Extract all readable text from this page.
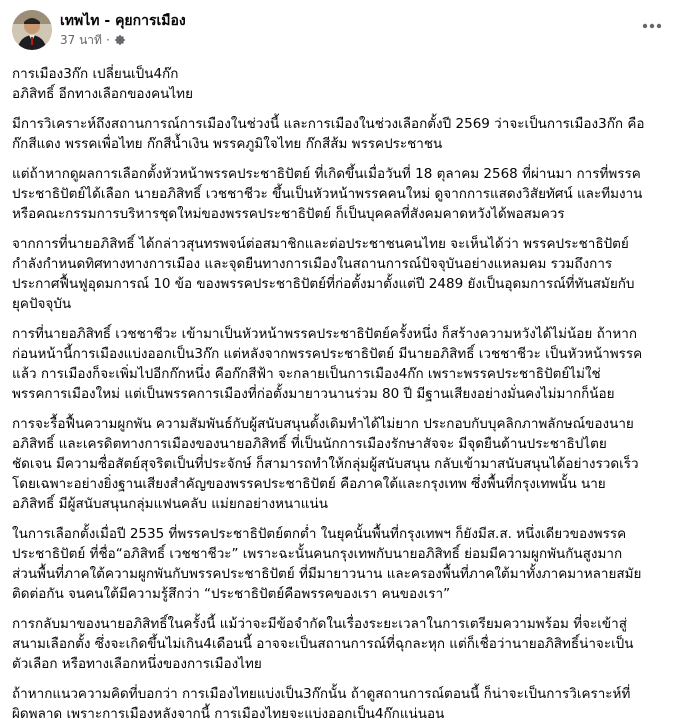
เทพไท - คุยการเมือง
37 นาที ·
การเมือง3ก๊ก เปลี่ยนเป็น4ก๊ก
อภิสิทธิ์ อีกทางเลือกของคนไทย
มีการวิเคราะห์ถึงสถานการณ์การเมืองในช่วงนี้ และการเมืองในช่วงเลือกตั้งปี 2569 ว่าจะเป็นการเมือง3ก๊ก คือ
ก๊กสีแดง พรรคเพื่อไทย ก๊กสีน้ำเงิน พรรคภูมิใจไทย ก๊กสีส้ม พรรคประชาชน
แต่ถ้าหากดูผลการเลือกตั้งหัวหน้าพรรคประชาธิปัตย์ ที่เกิดขึ้นเมื่อวันที่ 18 ตุลาคม 2568 ที่ผ่านมา การที่พรรค
ประชาธิปัตย์ได้เลือก นายอภิสิทธิ์ เวชชาชีวะ ขึ้นเป็นหัวหน้าพรรคคนใหม่ ดูจากการแสดงวิสัยทัศน์ และทีมงาน
หรือคณะกรรมการบริหารชุดใหม่ของพรรคประชาธิปัตย์ ก็เป็นบุคคลที่สังคมคาดหวังได้พอสมควร
จากการที่นายอภิสิทธิ์ ได้กล่าวสุนทรพจน์ต่อสมาชิกและต่อประชาชนคนไทย จะเห็นได้ว่า พรรคประชาธิปัตย์
กำลังกำหนดทิศทางทางการเมือง และจุดยืนทางการเมืองในสถานการณ์ปัจจุบันอย่างแหลมคม รวมถึงการ
ประกาศฟื้นฟูอุดมการณ์ 10 ข้อ ของพรรคประชาธิปัตย์ที่ก่อตั้งมาตั้งแต่ปี 2489 ยังเป็นอุดมการณ์ที่ทันสมัยกับ
ยุคปัจจุบัน
การที่นายอภิสิทธิ์ เวชชาชีวะ เข้ามาเป็นหัวหน้าพรรคประชาธิปัตย์ครั้งหนึ่ง ก็สร้างความหวังได้ไม่น้อย ถ้าหาก
ก่อนหน้านี้การเมืองแบ่งออกเป็น3ก๊ก แต่หลังจากพรรคประชาธิปัตย์ มีนายอภิสิทธิ์ เวชชาชีวะ เป็นหัวหน้าพรรค
แล้ว การเมืองก็จะเพิ่มไปอีกก๊กหนึ่ง คือก๊กสีฟ้า จะกลายเป็นการเมือง4ก๊ก เพราะพรรคประชาธิปัตย์ไม่ใช่
พรรคการเมืองใหม่ แต่เป็นพรรคการเมืองที่ก่อตั้งมายาวนานร่วม 80 ปี มีฐานเสียงอย่างมั่นคงไม่มากก็น้อย
การจะรื้อฟื้นความผูกพัน ความสัมพันธ์กับผู้สนับสนุนดั้งเดิมทำได้ไม่ยาก ประกอบกับบุคลิกภาพลักษณ์ของนาย
อภิสิทธิ์ และเครดิตทางการเมืองของนายอภิสิทธิ์ ที่เป็นนักการเมืองรักษาสัจจะ มีจุดยืนด้านประชาธิปไตย
ชัดเจน มีความซื่อสัตย์สุจริตเป็นที่ประจักษ์ ก็สามารถทำให้กลุ่มผู้สนับสนุน กลับเข้ามาสนับสนุนได้อย่างรวดเร็ว
โดยเฉพาะอย่างยิ่งฐานเสียงสำคัญของพรรคประชาธิปัตย์ คือภาคใต้และกรุงเทพ ซึ่งพื้นที่กรุงเทพนั้น นาย
อภิสิทธิ์ มีผู้สนับสนุนกลุ่มแฟนคลับ แม่ยกอย่างหนาแน่น
ในการเลือกตั้งเมื่อปี 2535 ที่พรรคประชาธิปัตย์ตกต่ำ ในยุคนั้นพื้นที่กรุงเทพฯ ก็ยังมีส.ส. หนึ่งเดียวของพรรค
ประชาธิปัตย์ ที่ชื่อ“อภิสิทธิ์ เวชชาชีวะ” เพราะฉะนั้นคนกรุงเทพกับนายอภิสิทธิ์ ย่อมมีความผูกพันกันสูงมาก
ส่วนพื้นที่ภาคใต้ความผูกพันกับพรรคประชาธิปัตย์ ที่มีมายาวนาน และครองพื้นที่ภาคใต้มาทั้งภาคมาหลายสมัย
ติดต่อกัน จนคนใต้มีความรู้สึกว่า “ประชาธิปัตย์คือพรรคของเรา คนของเรา”
การกลับมาของนายอภิสิทธิ์ในครั้งนี้ แม้ว่าจะมีข้อจำกัดในเรื่องระยะเวลาในการเตรียมความพร้อม ที่จะเข้าสู่
สนามเลือกตั้ง ซึ่งจะเกิดขึ้นไม่เกิน4เดือนนี้ อาจจะเป็นสถานการณ์ที่ฉุกละหุก แต่ก็เชื่อว่านายอภิสิทธิ์น่าจะเป็น
ตัวเลือก หรือทางเลือกหนึ่งของการเมืองไทย
ถ้าหากแนวความคิดที่บอกว่า การเมืองไทยแบ่งเป็น3ก๊กนั้น ถ้าดูสถานการณ์ตอนนี้ ก็น่าจะเป็นการวิเคราะห์ที่
ผิดพลาด เพราะการเมืองหลังจากนี้ การเมืองไทยจะแบ่งออกเป็น4ก๊กแน่นอน
